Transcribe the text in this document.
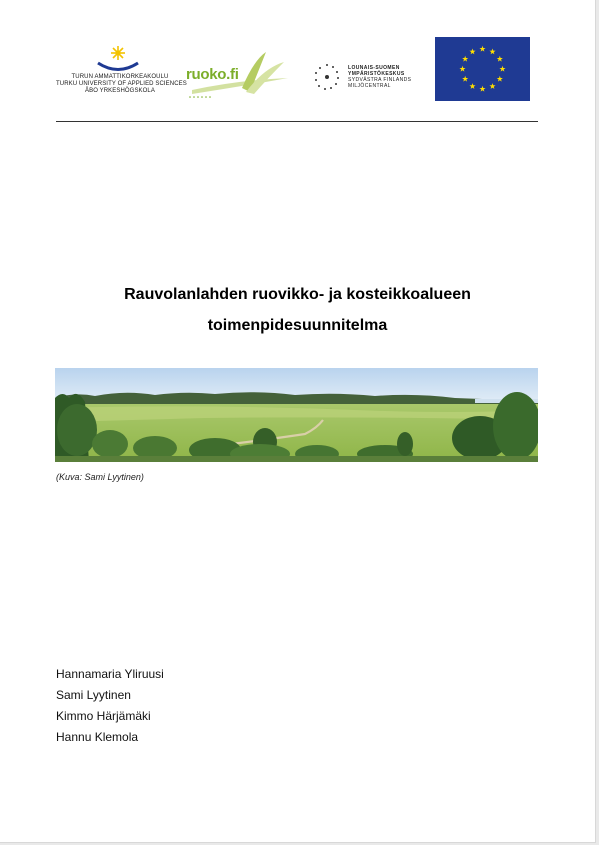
TURUN AMMATTIKORKEAKOULU
TURKU UNIVERSITY OF APPLIED SCIENCES
ÅBO YRKESHÖGSKOLA
ruoko.fi	LOUNAIS-SUOMEN
YMPÄRISTÖKESKUS
SYDVÄSTRA FINLANDS
MILJÖCENTRAL
Rauvolanlahden ruovikko- ja kosteikkoalueen
toimenpidesuunnitelma
(Kuva: Sami Lyytinen)
Hannamaria Yliruusi
Sami Lyytinen
Kimmo Härjämäki
Hannu Klemola
